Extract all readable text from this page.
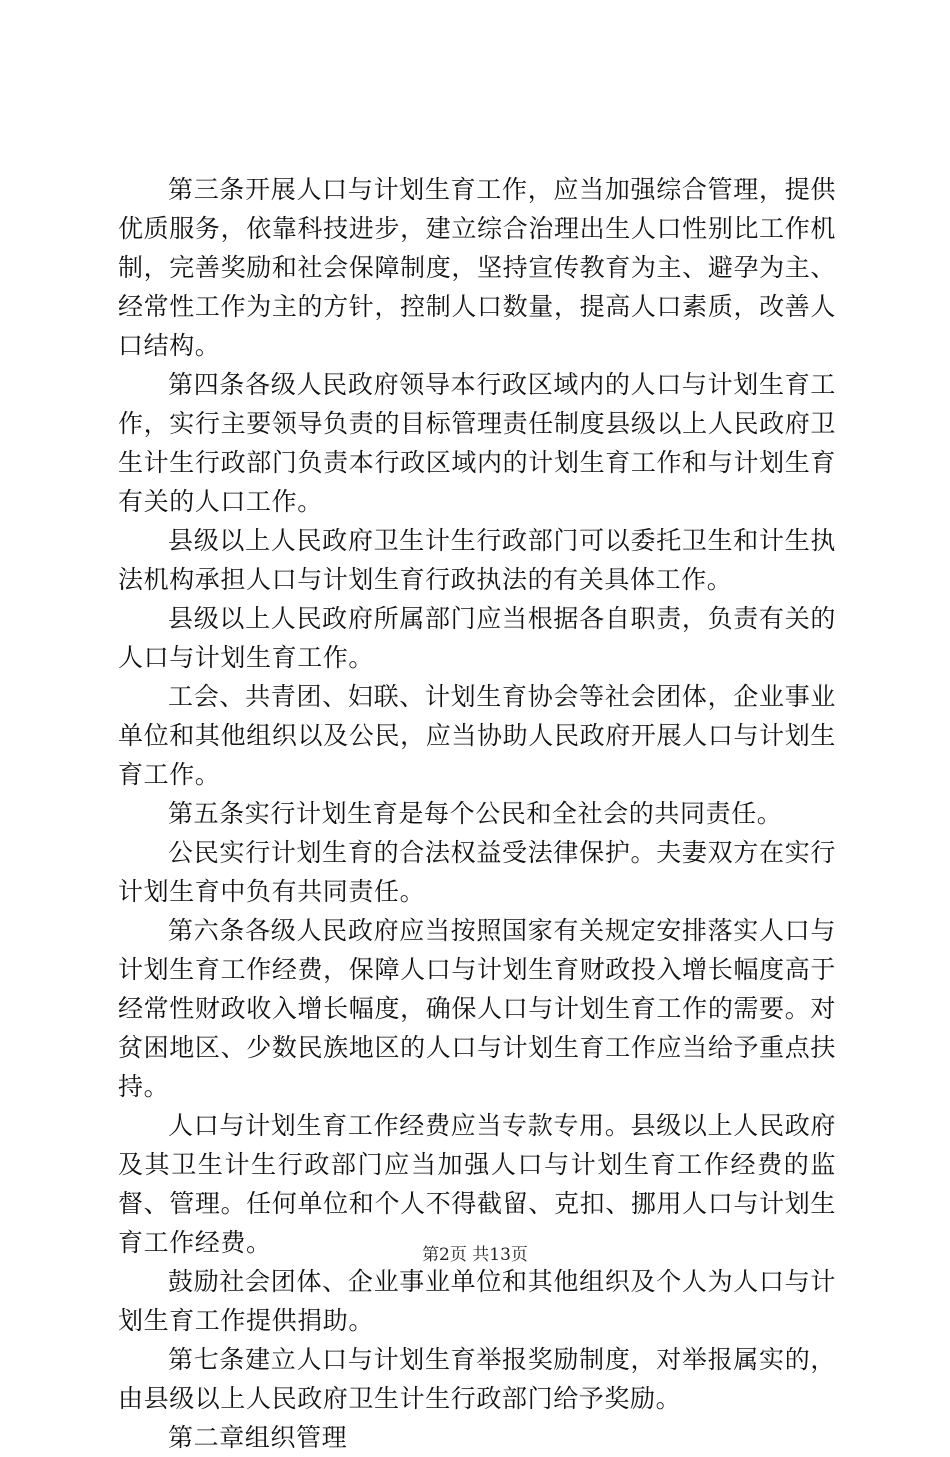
第三条开展人口与计划生育工作，应当加强综合管理，提供优质服务，依靠科技进步，建立综合治理出生人口性别比工作机制，完善奖励和社会保障制度，坚持宣传教育为主、避孕为主、经常性工作为主的方针，控制人口数量，提高人口素质，改善人口结构。

第四条各级人民政府领导本行政区域内的人口与计划生育工作，实行主要领导负责的目标管理责任制度县级以上人民政府卫生计生行政部门负责本行政区域内的计划生育工作和与计划生育有关的人口工作。

县级以上人民政府卫生计生行政部门可以委托卫生和计生执法机构承担人口与计划生育行政执法的有关具体工作。

县级以上人民政府所属部门应当根据各自职责，负责有关的人口与计划生育工作。

工会、共青团、妇联、计划生育协会等社会团体，企业事业单位和其他组织以及公民，应当协助人民政府开展人口与计划生育工作。

第五条实行计划生育是每个公民和全社会的共同责任。

公民实行计划生育的合法权益受法律保护。夫妻双方在实行计划生育中负有共同责任。

第六条各级人民政府应当按照国家有关规定安排落实人口与计划生育工作经费，保障人口与计划生育财政投入增长幅度高于经常性财政收入增长幅度，确保人口与计划生育工作的需要。对贫困地区、少数民族地区的人口与计划生育工作应当给予重点扶持。

人口与计划生育工作经费应当专款专用。县级以上人民政府及其卫生计生行政部门应当加强人口与计划生育工作经费的监督、管理。任何单位和个人不得截留、克扣、挪用人口与计划生育工作经费。

鼓励社会团体、企业事业单位和其他组织及个人为人口与计划生育工作提供捐助。

第七条建立人口与计划生育举报奖励制度，对举报属实的，由县级以上人民政府卫生计生行政部门给予奖励。

第二章组织管理

第2页 共13页
